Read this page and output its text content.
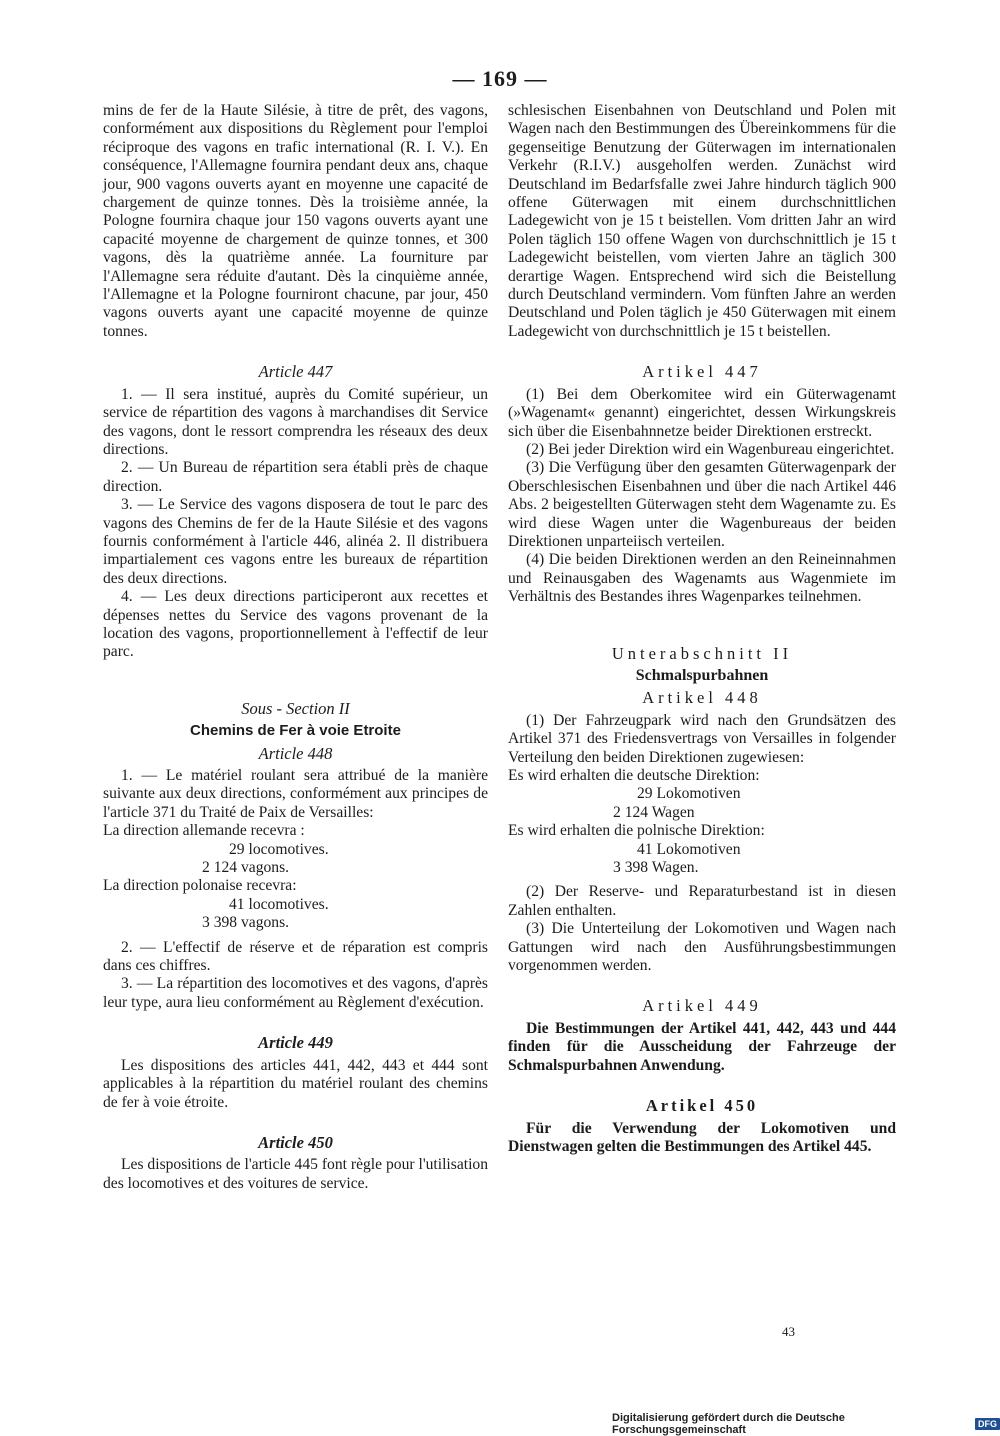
— 169 —

mins de fer de la Haute Silésie, à titre de prêt, des vagons, conformément aux dispositions du Règlement pour l'emploi réciproque des vagons en trafic international (R. I. V.). En conséquence, l'Allemagne fournira pendant deux ans, chaque jour, 900 vagons ouverts ayant en moyenne une capacité de chargement de quinze tonnes. Dès la troisième année, la Pologne fournira chaque jour 150 vagons ouverts ayant une capacité moyenne de chargement de quinze tonnes, et 300 vagons, dès la quatrième année. La fourniture par l'Allemagne sera réduite d'autant. Dès la cinquième année, l'Allemagne et la Pologne fourniront chacune, par jour, 450 vagons ouverts ayant une capacité moyenne de quinze tonnes.

Article 447

1. — Il sera institué, auprès du Comité supérieur, un service de répartition des vagons à marchandises dit Service des vagons, dont le ressort comprendra les réseaux des deux directions.

2. — Un Bureau de répartition sera établi près de chaque direction.

3. — Le Service des vagons disposera de tout le parc des vagons des Chemins de fer de la Haute Silésie et des vagons fournis conformément à l'article 446, alinéa 2. Il distribuera impartialement ces vagons entre les bureaux de répartition des deux directions.

4. — Les deux directions participeront aux recettes et dépenses nettes du Service des vagons provenant de la location des vagons, proportionnellement à l'effectif de leur parc.

Sous - Section II
Chemins de Fer à voie Etroite
Article 448

1. — Le matériel roulant sera attribué de la manière suivante aux deux directions, conformément aux principes de l'article 371 du Traité de Paix de Versailles:

La direction allemande recevra :

29 locomotives.

2 124 vagons.

La direction polonaise recevra:

41 locomotives.

3 398 vagons.

2. — L'effectif de réserve et de réparation est compris dans ces chiffres.

3. — La répartition des locomotives et des vagons, d'après leur type, aura lieu conformément au Règlement d'exécution.

Article 449

Les dispositions des articles 441, 442, 443 et 444 sont applicables à la répartition du matériel roulant des chemins de fer à voie étroite.

Article 450

Les dispositions de l'article 445 font règle pour l'utilisation des locomotives et des voitures de service.

schlesischen Eisenbahnen von Deutschland und Polen mit Wagen nach den Bestimmungen des Übereinkommens für die gegenseitige Benutzung der Güterwagen im internationalen Verkehr (R.I.V.) ausgeholfen werden. Zunächst wird Deutschland im Bedarfsfalle zwei Jahre hindurch täglich 900 offene Güterwagen mit einem durchschnittlichen Ladegewicht von je 15 t beistellen. Vom dritten Jahr an wird Polen täglich 150 offene Wagen von durchschnittlich je 15 t Ladegewicht beistellen, vom vierten Jahre an täglich 300 derartige Wagen. Entsprechend wird sich die Beistellung durch Deutschland vermindern. Vom fünften Jahre an werden Deutschland und Polen täglich je 450 Güterwagen mit einem Ladegewicht von durchschnittlich je 15 t beistellen.

Artikel 447

(1) Bei dem Oberkomitee wird ein Güterwagenamt (»Wagenamt« genannt) eingerichtet, dessen Wirkungskreis sich über die Eisenbahnnetze beider Direktionen erstreckt.

(2) Bei jeder Direktion wird ein Wagenbureau eingerichtet.

(3) Die Verfügung über den gesamten Güterwagenpark der Oberschlesischen Eisenbahnen und über die nach Artikel 446 Abs. 2 beigestellten Güterwagen steht dem Wagenamte zu. Es wird diese Wagen unter die Wagenbureaus der beiden Direktionen unparteiisch verteilen.

(4) Die beiden Direktionen werden an den Reineinnahmen und Reinausgaben des Wagenamts aus Wagenmiete im Verhältnis des Bestandes ihres Wagenparkes teilnehmen.

Unterabschnitt II
Schmalspurbahnen
Artikel 448

(1) Der Fahrzeugpark wird nach den Grundsätzen des Artikel 371 des Friedensvertrags von Versailles in folgender Verteilung den beiden Direktionen zugewiesen:

Es wird erhalten die deutsche Direktion:

29 Lokomotiven

2 124 Wagen

Es wird erhalten die polnische Direktion:

41 Lokomotiven

3 398 Wagen.

(2) Der Reserve- und Reparaturbestand ist in diesen Zahlen enthalten.

(3) Die Unterteilung der Lokomotiven und Wagen nach Gattungen wird nach den Ausführungsbestimmungen vorgenommen werden.

Artikel 449

Die Bestimmungen der Artikel 441, 442, 443 und 444 finden für die Ausscheidung der Fahrzeuge der Schmalspurbahnen Anwendung.

Artikel 450

Für die Verwendung der Lokomotiven und Dienstwagen gelten die Bestimmungen des Artikel 445.

43
Digitalisierung gefördert durch die Deutsche Forschungsgemeinschaft	DFG
